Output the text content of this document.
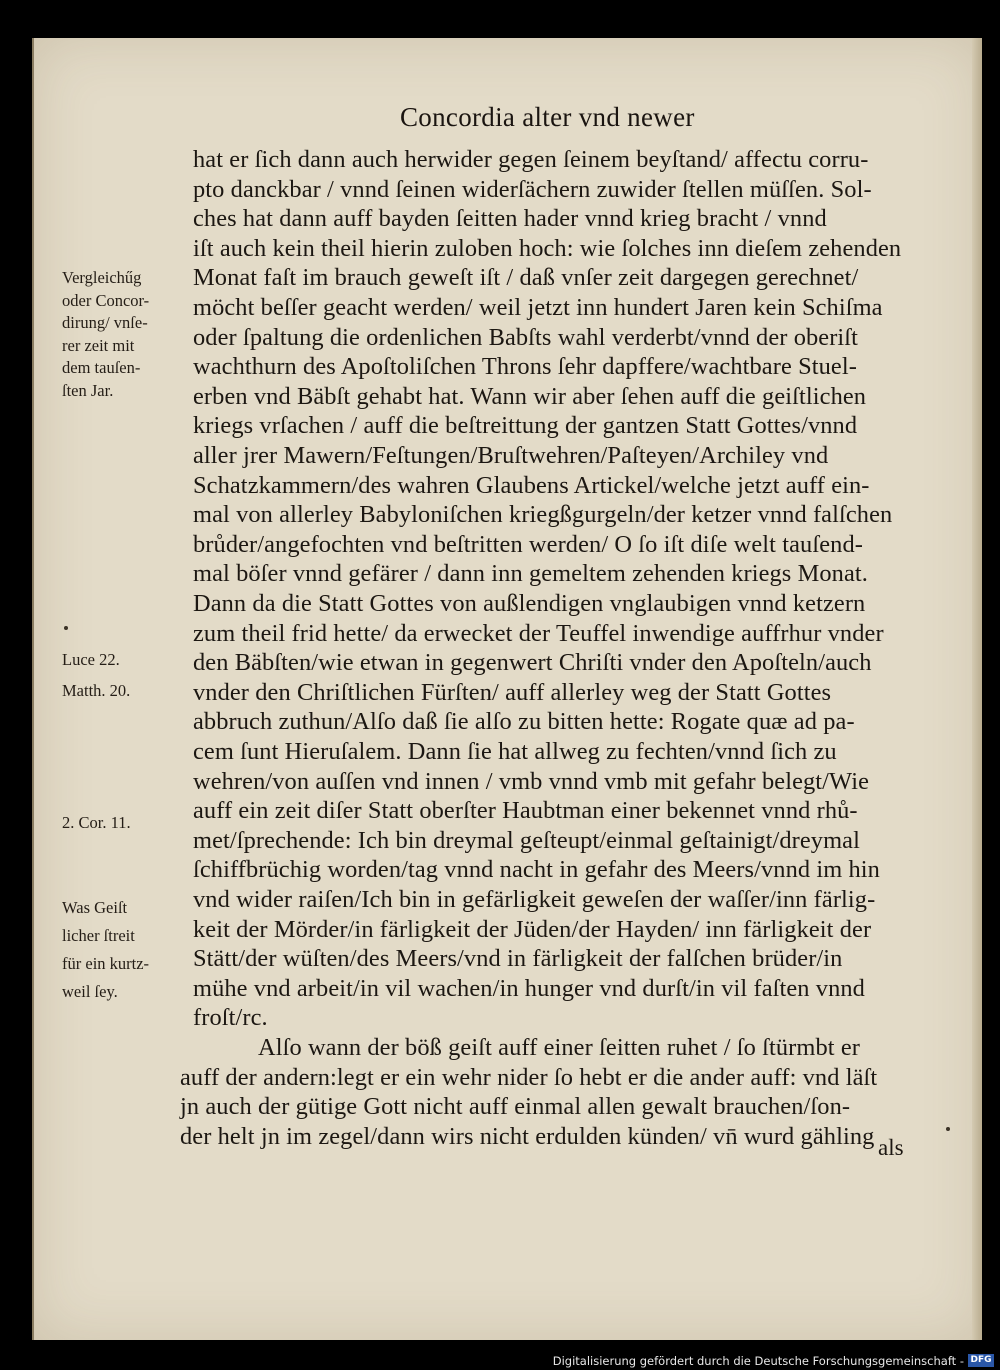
Concordia alter vnd newer
hat er ſich dann auch herwider gegen ſeinem beyſtand/ affectu corru-
pto danckbar / vnnd ſeinen widerſächern zuwider ſtellen müſſen. Sol-
ches hat dann auff bayden ſeitten hader vnnd krieg bracht / vnnd
iſt auch kein theil hierin zuloben hoch: wie ſolches inn dieſem zehenden
Monat faſt im brauch geweſt iſt / daß vnſer zeit dargegen gerechnet/
möcht beſſer geacht werden/ weil jetzt inn hundert Jaren kein Schiſma
oder ſpaltung die ordenlichen Babſts wahl verderbt/vnnd der oberiſt
wachthurn des Apoſtoliſchen Throns ſehr dapffere/wachtbare Stuel-
erben vnd Bäbſt gehabt hat. Wann wir aber ſehen auff die geiſtlichen
kriegs vrſachen / auff die beſtreittung der gantzen Statt Gottes/vnnd
aller jrer Mawern/Feſtungen/Bruſtwehren/Paſteyen/Archiley vnd
Schatzkammern/des wahren Glaubens Artickel/welche jetzt auff ein-
mal von allerley Babyloniſchen kriegßgurgeln/der ketzer vnnd falſchen
brůder/angefochten vnd beſtritten werden/ O ſo iſt diſe welt tauſend-
mal böſer vnnd gefärer / dann inn gemeltem zehenden kriegs Monat.
Dann da die Statt Gottes von außlendigen vnglaubigen vnnd ketzern
zum theil frid hette/ da erwecket der Teuffel inwendige auffrhur vnder
den Bäbſten/wie etwan in gegenwert Chriſti vnder den Apoſteln/auch
vnder den Chriſtlichen Fürſten/ auff allerley weg der Statt Gottes
abbruch zuthun/Alſo daß ſie alſo zu bitten hette: Rogate quæ ad pa-
cem ſunt Hieruſalem. Dann ſie hat allweg zu fechten/vnnd ſich zu
wehren/von auſſen vnd innen / vmb vnnd vmb mit gefahr belegt/Wie
auff ein zeit diſer Statt oberſter Haubtman einer bekennet vnnd rhů-
met/ſprechende: Ich bin dreymal geſteupt/einmal geſtainigt/dreymal
ſchiffbrüchig worden/tag vnnd nacht in gefahr des Meers/vnnd im hin
vnd wider raiſen/Ich bin in gefärligkeit geweſen der waſſer/inn färlig-
keit der Mörder/in färligkeit der Jüden/der Hayden/ inn färligkeit der
Stätt/der wüſten/des Meers/vnd in färligkeit der falſchen brüder/in
mühe vnd arbeit/in vil wachen/in hunger vnd durſt/in vil faſten vnnd
froſt/rc.
Alſo wann der böß geiſt auff einer ſeitten ruhet / ſo ſtürmbt er
auff der andern:legt er ein wehr nider ſo hebt er die ander auff: vnd läſt
jn auch der gütige Gott nicht auff einmal allen gewalt brauchen/ſon-
der helt jn im zegel/dann wirs nicht erdulden künden/ vn̄ wurd gähling als
Vergleichűg
oder Concor-
dirung/ vnſe-
rer zeit mit
dem tauſen-
ſten Jar.
Luce 22.
Matth. 20.
2. Cor. 11.
Was Geiſt
licher ſtreit
für ein kurtz-
weil ſey.
Digitalisierung gefördert durch die Deutsche Forschungsgemeinschaft - DFG
